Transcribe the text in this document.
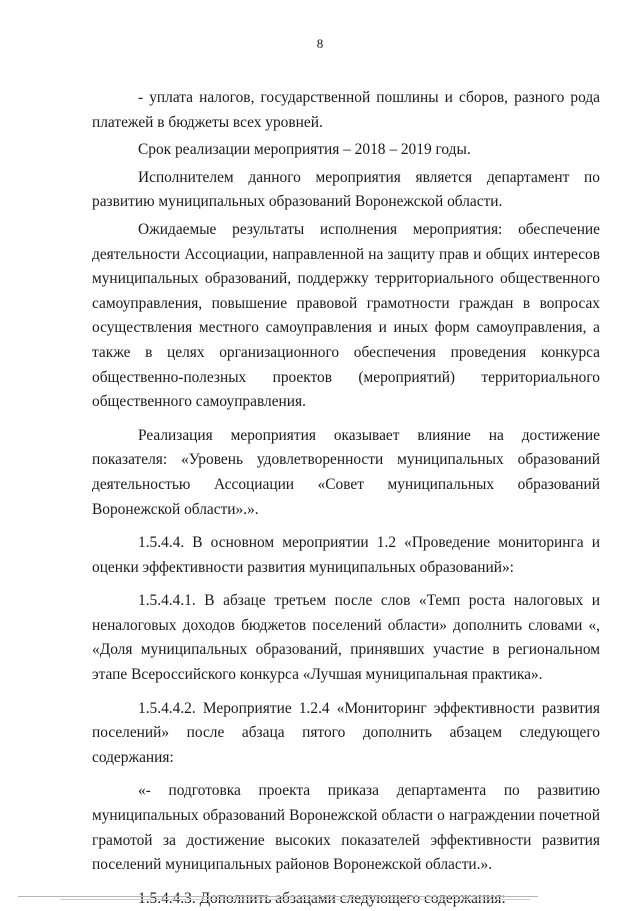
8

- уплата налогов, государственной пошлины и сборов, разного рода платежей в бюджеты всех уровней.

Срок реализации мероприятия – 2018 – 2019 годы.

Исполнителем данного мероприятия является департамент по развитию муниципальных образований Воронежской области.

Ожидаемые результаты исполнения мероприятия: обеспечение деятельности Ассоциации, направленной на защиту прав и общих интересов муниципальных образований, поддержку территориального общественного самоуправления, повышение правовой грамотности граждан в вопросах осуществления местного самоуправления и иных форм самоуправления, а также в целях организационного обеспечения проведения конкурса общественно-полезных проектов (мероприятий) территориального общественного самоуправления.

Реализация мероприятия оказывает влияние на достижение показателя: «Уровень удовлетворенности муниципальных образований деятельностью Ассоциации «Совет муниципальных образований Воронежской области».».

1.5.4.4. В основном мероприятии 1.2 «Проведение мониторинга и оценки эффективности развития муниципальных образований»:

1.5.4.4.1. В абзаце третьем после слов «Темп роста налоговых и неналоговых доходов бюджетов поселений области» дополнить словами «, «Доля муниципальных образований, принявших участие в региональном этапе Всероссийского конкурса «Лучшая муниципальная практика».

1.5.4.4.2. Мероприятие 1.2.4 «Мониторинг эффективности развития поселений» после абзаца пятого дополнить абзацем следующего содержания:

«- подготовка проекта приказа департамента по развитию муниципальных образований Воронежской области о награждении почетной грамотой за достижение высоких показателей эффективности развития поселений муниципальных районов Воронежской области.».
